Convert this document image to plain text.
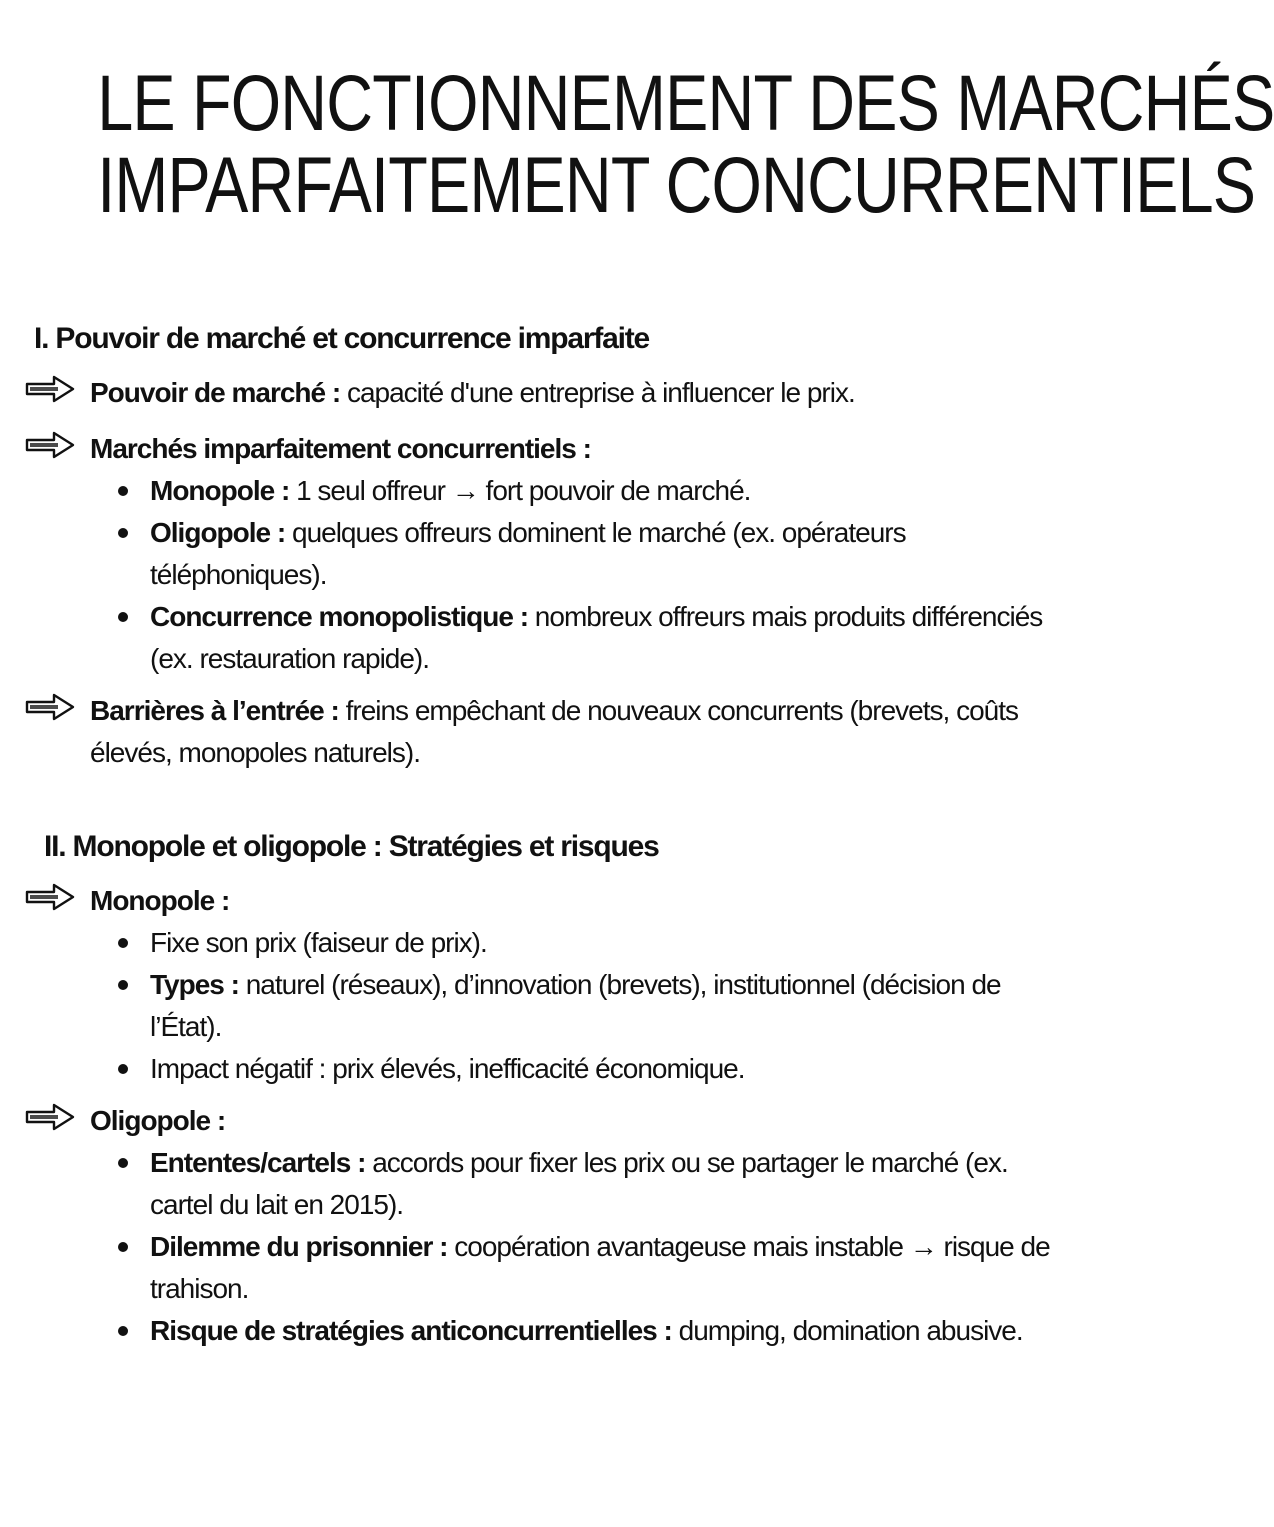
LE FONCTIONNEMENT DES MARCHÉS
IMPARFAITEMENT CONCURRENTIELS
I. Pouvoir de marché et concurrence imparfaite
Pouvoir de marché : capacité d'une entreprise à influencer le prix.
Marchés imparfaitement concurrentiels :
Monopole : 1 seul offreur → fort pouvoir de marché.
Oligopole : quelques offreurs dominent le marché (ex. opérateurs téléphoniques).
Concurrence monopolistique : nombreux offreurs mais produits différenciés (ex. restauration rapide).
Barrières à l’entrée : freins empêchant de nouveaux concurrents (brevets, coûts élevés, monopoles naturels).
II. Monopole et oligopole : Stratégies et risques
Monopole :
Fixe son prix (faiseur de prix).
Types : naturel (réseaux), d’innovation (brevets), institutionnel (décision de l’État).
Impact négatif : prix élevés, inefficacité économique.
Oligopole :
Ententes/cartels : accords pour fixer les prix ou se partager le marché (ex. cartel du lait en 2015).
Dilemme du prisonnier : coopération avantageuse mais instable → risque de trahison.
Risque de stratégies anticoncurrentielles : dumping, domination abusive.
